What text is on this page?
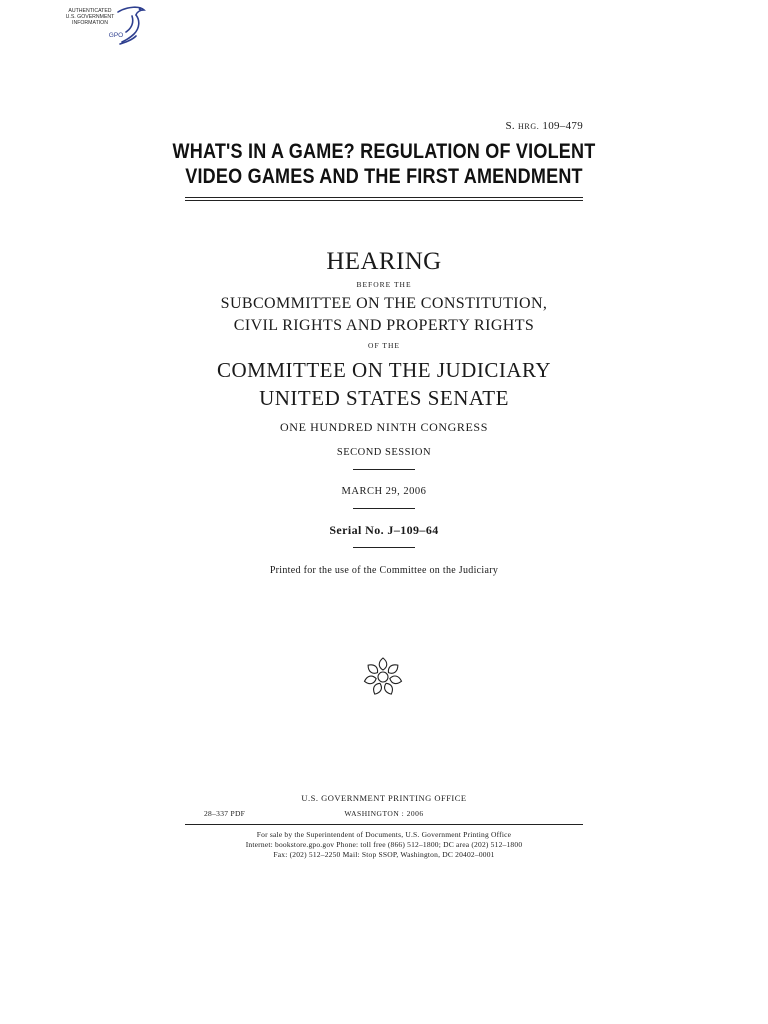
AUTHENTICATED
U.S. GOVERNMENT
INFORMATION
GPO
S. HRG. 109–479
WHAT'S IN A GAME? REGULATION OF VIOLENT
VIDEO GAMES AND THE FIRST AMENDMENT
HEARING
BEFORE THE
SUBCOMMITTEE ON THE CONSTITUTION,
CIVIL RIGHTS AND PROPERTY RIGHTS
OF THE
COMMITTEE ON THE JUDICIARY
UNITED STATES SENATE
ONE HUNDRED NINTH CONGRESS
SECOND SESSION
MARCH 29, 2006
Serial No. J–109–64
Printed for the use of the Committee on the Judiciary
U.S. GOVERNMENT PRINTING OFFICE
28–337 PDF	WASHINGTON : 2006
For sale by the Superintendent of Documents, U.S. Government Printing Office
Internet: bookstore.gpo.gov Phone: toll free (866) 512–1800; DC area (202) 512–1800
Fax: (202) 512–2250 Mail: Stop SSOP, Washington, DC 20402–0001
